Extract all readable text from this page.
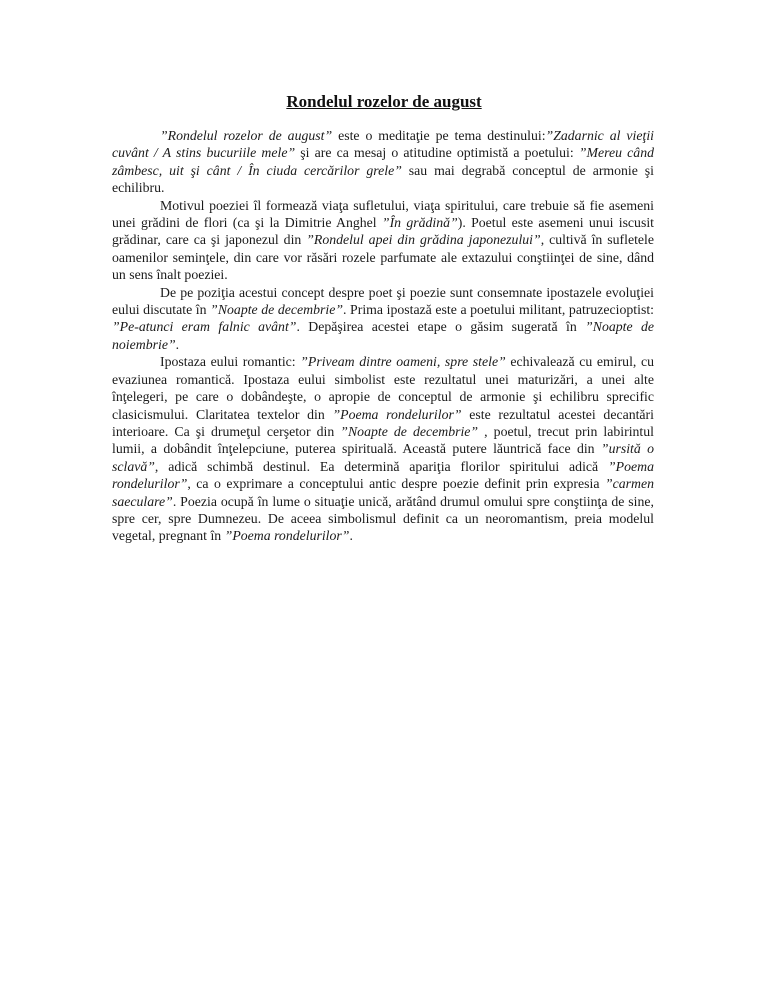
Rondelul rozelor de august

”Rondelul rozelor de august” este o meditaţie pe tema destinului:”Zadarnic al vieţii cuvânt / A stins bucuriile mele” şi are ca mesaj o atitudine optimistă a poetului: ”Mereu când zâmbesc, uit şi cânt / În ciuda cercărilor grele” sau mai degrabă conceptul de armonie şi echilibru.

Motivul poeziei îl formează viaţa sufletului, viaţa spiritului, care trebuie să fie asemeni unei grădini de flori (ca şi la Dimitrie Anghel ”În grădină”). Poetul este asemeni unui iscusit grădinar, care ca şi japonezul din ”Rondelul apei din grădina japonezului”, cultivă în sufletele oamenilor seminţele, din care vor răsări rozele parfumate ale extazului conştiinţei de sine, dând un sens înalt poeziei.

De pe poziţia acestui concept despre poet şi poezie sunt consemnate ipostazele evoluţiei eului discutate în ”Noapte de decembrie”. Prima ipostază este a poetului militant, patruzecioptist: ”Pe-atunci eram falnic avânt”. Depăşirea acestei etape o găsim sugerată în ”Noapte de noiembrie”.

Ipostaza eului romantic: ”Priveam dintre oameni, spre stele” echivalează cu emirul, cu evaziunea romantică. Ipostaza eului simbolist este rezultatul unei maturizări, a unei alte înţelegeri, pe care o dobândeşte, o apropie de conceptul de armonie şi echilibru sprecific clasicismului. Claritatea textelor din ”Poema rondelurilor” este rezultatul acestei decantări interioare. Ca şi drumeţul cerşetor din ”Noapte de decembrie” , poetul, trecut prin labirintul lumii, a dobândit înţelepciune, puterea spirituală. Această putere lăuntrică face din ”ursită o sclavă”, adică schimbă destinul. Ea determină apariţia florilor spiritului adică ”Poema rondelurilor”, ca o exprimare a conceptului antic despre poezie definit prin expresia ”carmen saeculare”. Poezia ocupă în lume o situaţie unică, arătând drumul omului spre conştiinţa de sine, spre cer, spre Dumnezeu. De aceea simbolismul definit ca un neoromantism, preia modelul vegetal, pregnant în ”Poema rondelurilor”.
